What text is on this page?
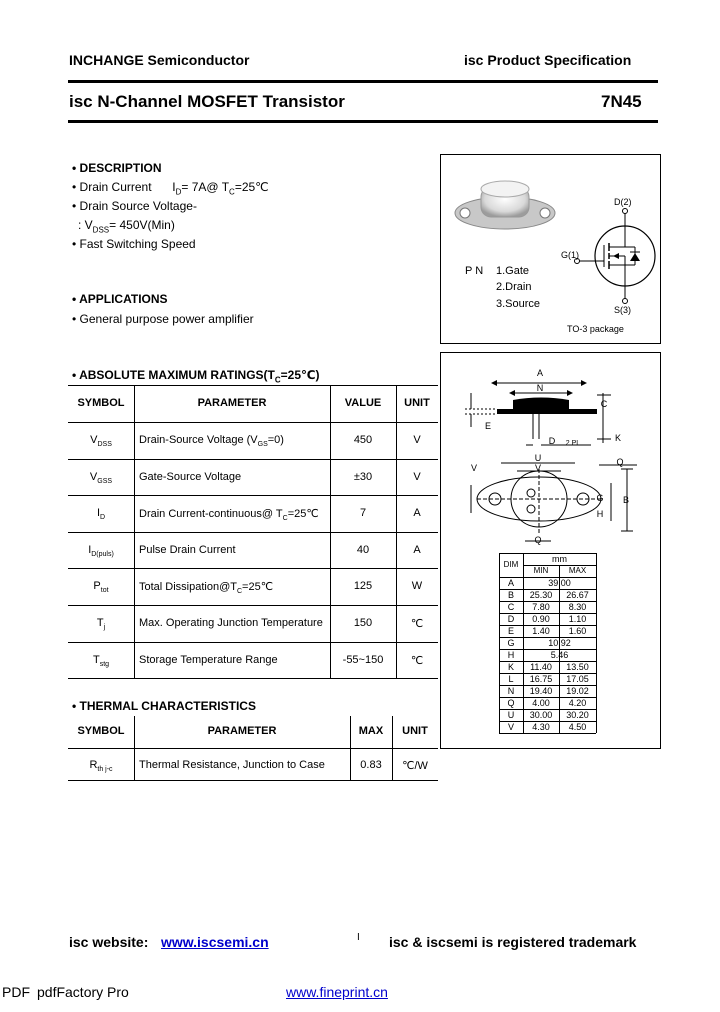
INCHANGE Semiconductor	isc Product Specification
isc N-Channel MOSFET Transistor	7N45
• DESCRIPTION
• Drain Current $I_D=$ 7A@ $T_C=25℃$
• Drain Source Voltage-
: $V_{DSS}= 450V(Min)$
• Fast Switching Speed
• APPLICATIONS
• General purpose power amplifier
D(2)
G(1)
S(3)
P N 1.Gate
2.Drain
3.Source
TO-3 package
• ABSOLUTE MAXIMUM $RATINGS(T_C=25℃)$
SYMBOL	PARAMETER	VALUE	UNIT
$V_{DSS}$	Drain-Source Voltage $(V_{GS}=0)$	450	V
$V_{GSS}$	Gate-Source Voltage	±30	V
$I_D$	Drain Current-continuous@ $T_C=25℃$	7	A
$I_{D(puls)}$	Pulse Drain Current	40	A
$P_{tot}$	Total $Dissipation@T_C=25℃$	125	W
$T_j$	Max. Operating Junction Temperature	150	℃
$T_{stg}$	Storage Temperature Range	-55~150	℃
• THERMAL CHARACTERISTICS
SYMBOL	PARAMETER	MAX	UNIT
$R_{th j-c}$	Thermal Resistance, Junction to Case	0.83	℃/W
A
N
C
E
K
D	2 PL
U
V
V
Q
G
H
B
Q
mm
DIM
MIN	MAX
A	39.00
B	25.30	26.67
C	7.80	8.30
D	0.90	1.10
E	1.40	1.60
G	10.92
H	5.46
K	11.40	13.50
L	16.75	17.05
N	19.40	19.02
Q	4.00	4.20
U	30.00	30.20
V	4.30	4.50
isc website: www.iscsemi.cn	I isc & iscsemi is registered trademark
PDF pdfFactory Pro	www.fineprint.cn
